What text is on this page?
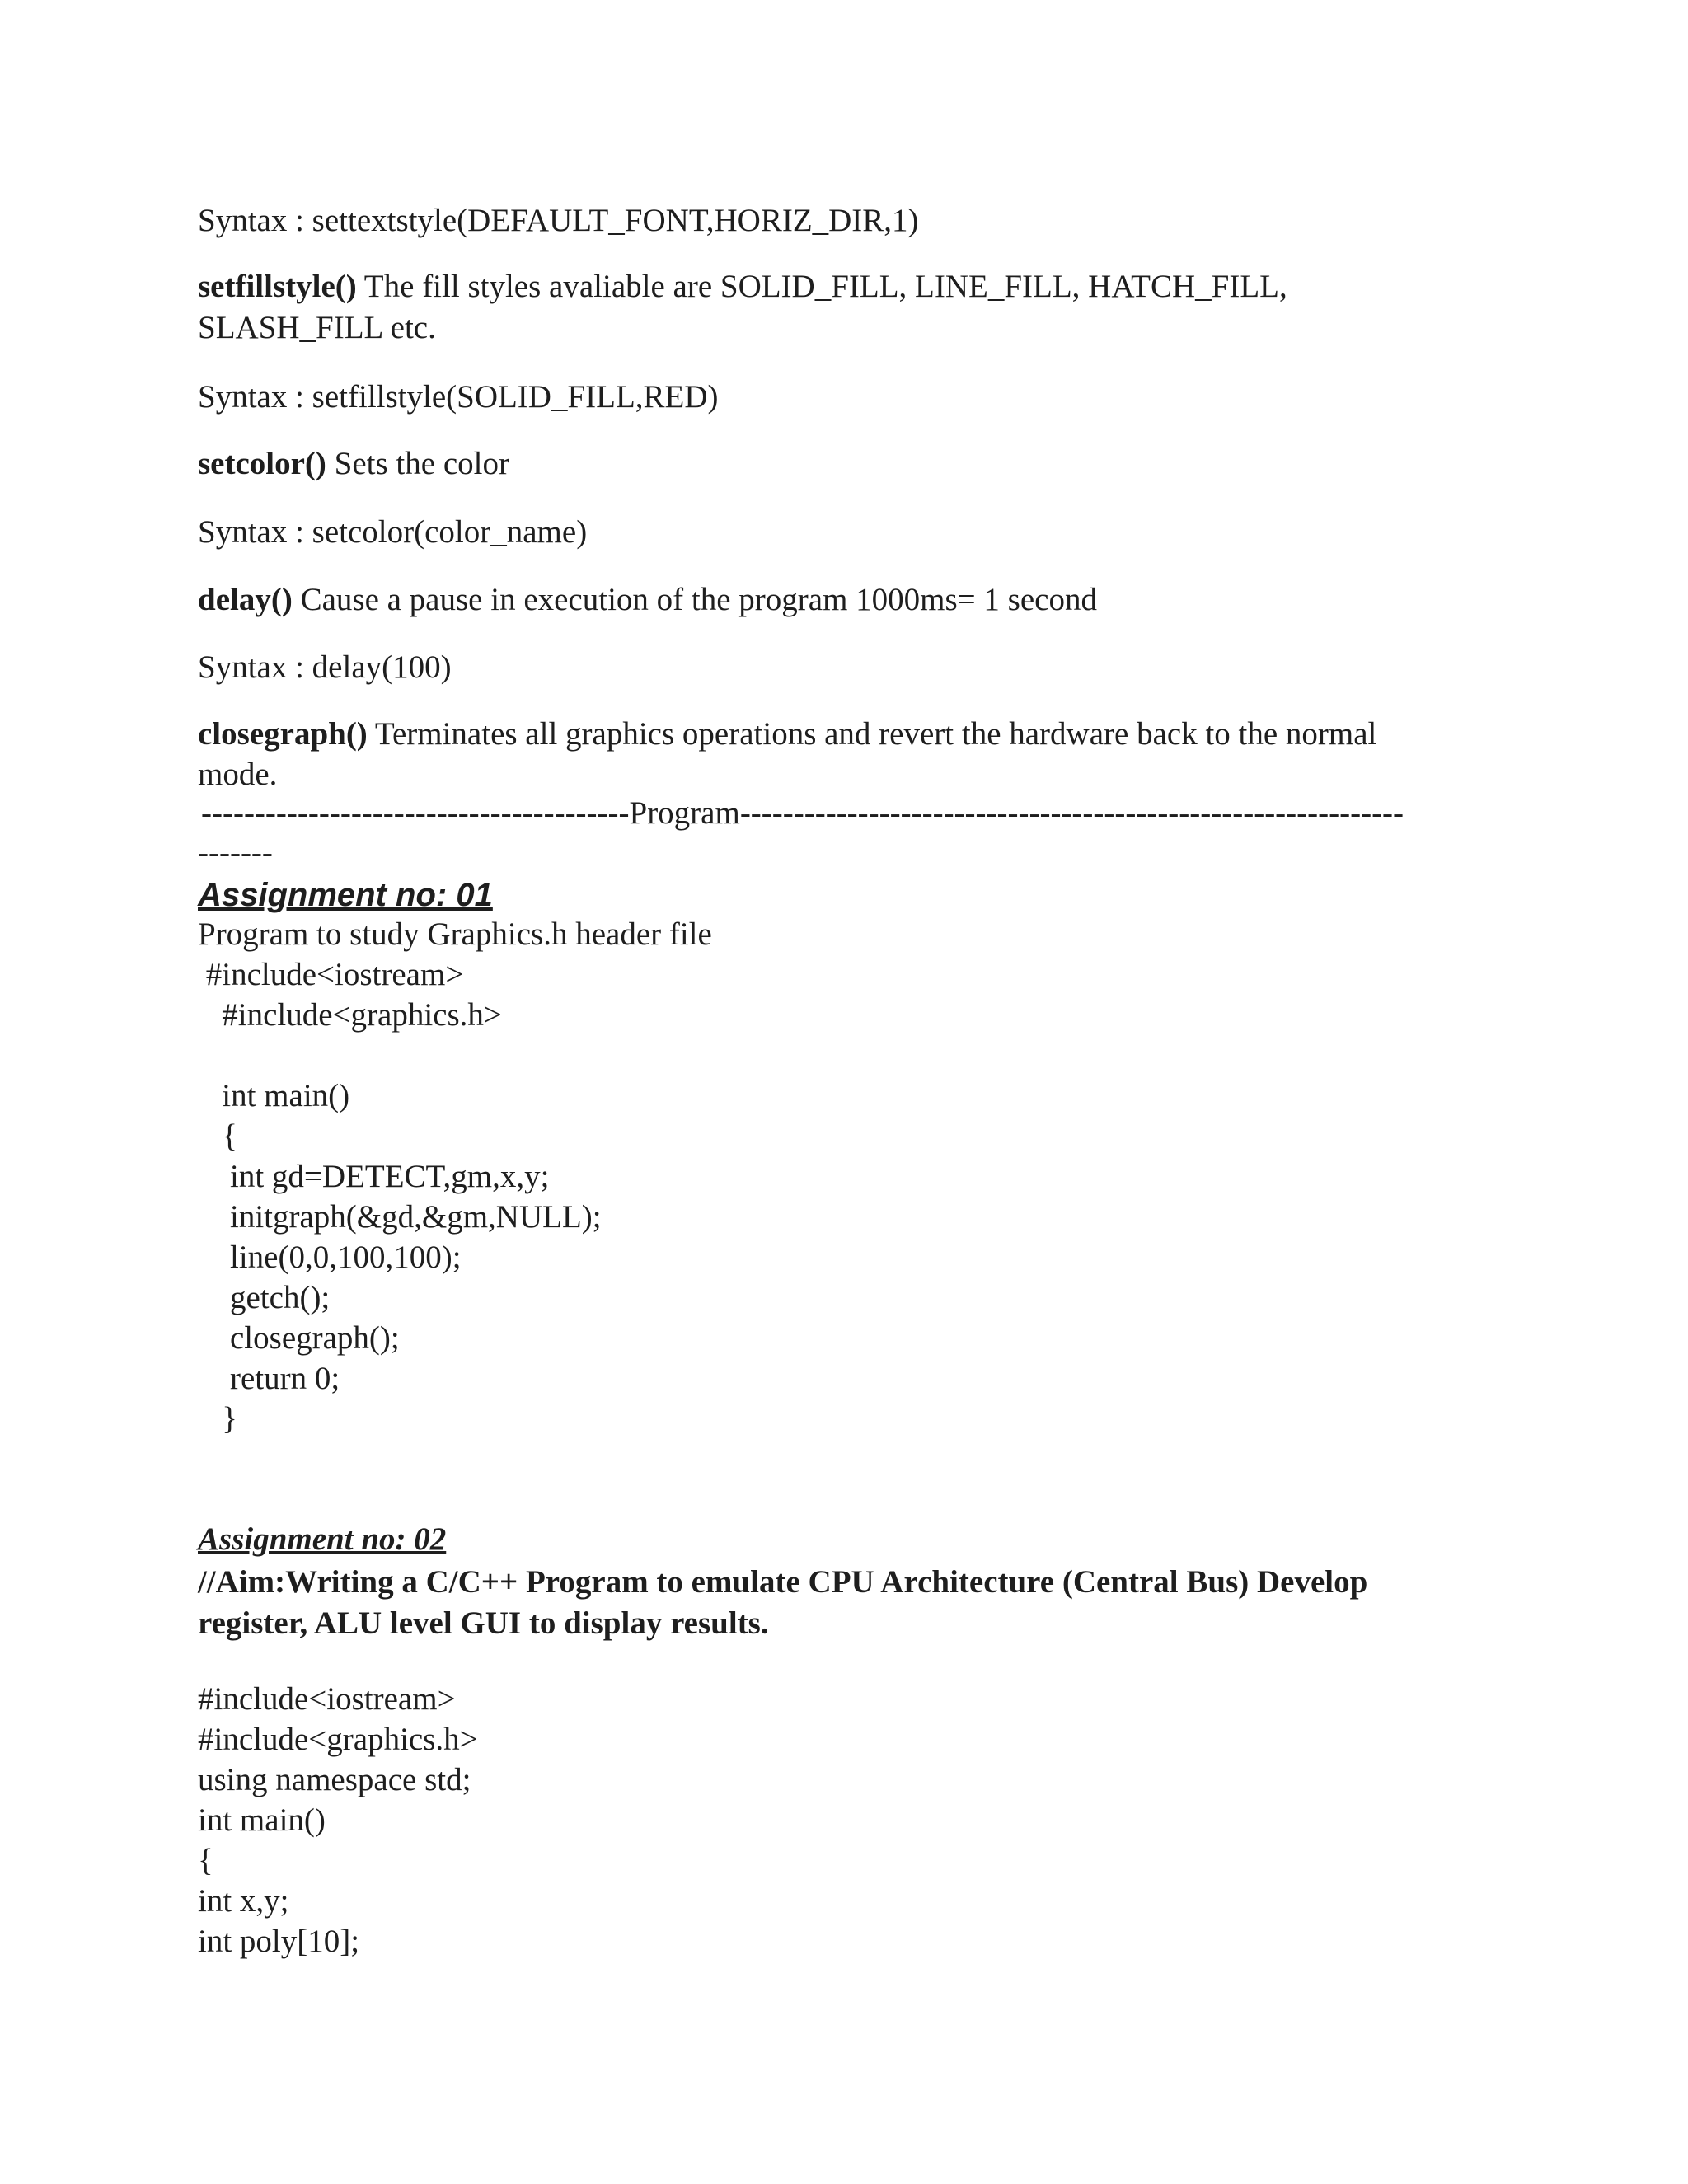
Syntax : settextstyle(DEFAULT_FONT,HORIZ_DIR,1)
setfillstyle() The fill styles avaliable are SOLID_FILL, LINE_FILL, HATCH_FILL,
SLASH_FILL etc.
Syntax : setfillstyle(SOLID_FILL,RED)
setcolor() Sets the color
Syntax : setcolor(color_name)
delay() Cause a pause in execution of the program 1000ms= 1 second
Syntax : delay(100)
closegraph() Terminates all graphics operations and revert the hardware back to the normal
mode.
----------------------------------------Program--------------------------------------------------------------
-------
Assignment no: 01
Program to study Graphics.h header file
#include<iostream>
#include<graphics.h>
int main()
{
int gd=DETECT,gm,x,y;
initgraph(&gd,&gm,NULL);
line(0,0,100,100);
getch();
closegraph();
return 0;
}
Assignment no: 02
//Aim:Writing a C/C++ Program to emulate CPU Architecture (Central Bus) Develop
register, ALU level GUI to display results.
#include<iostream>
#include<graphics.h>
using namespace std;
int main()
{
int x,y;
int poly[10];
